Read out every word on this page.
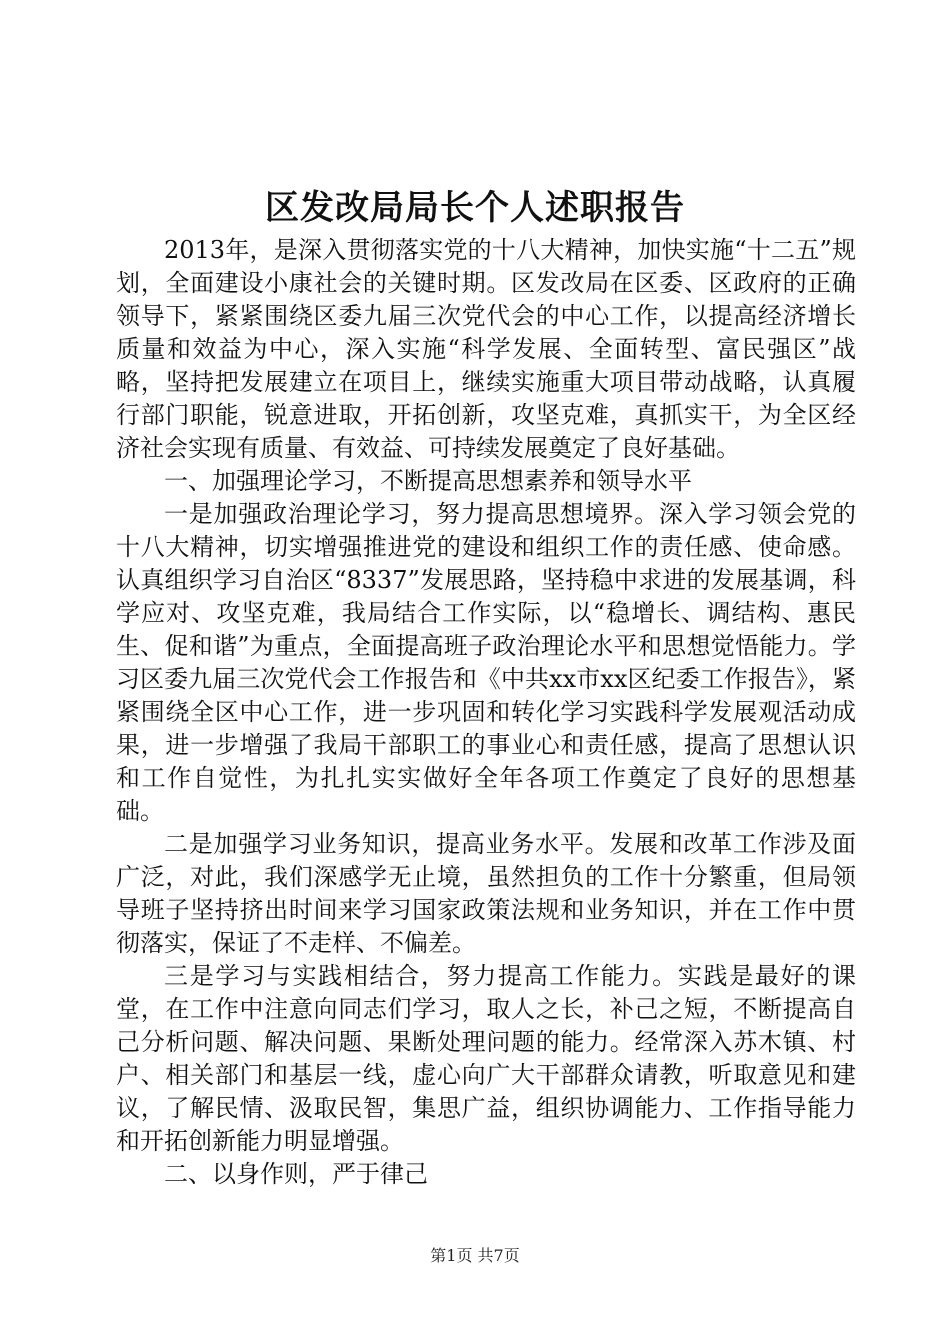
区发改局局长个人述职报告

2013年，是深入贯彻落实党的十八大精神，加快实施“十二五”规划，全面建设小康社会的关键时期。区发改局在区委、区政府的正确领导下，紧紧围绕区委九届三次党代会的中心工作，以提高经济增长质量和效益为中心，深入实施“科学发展、全面转型、富民强区”战略，坚持把发展建立在项目上，继续实施重大项目带动战略，认真履行部门职能，锐意进取，开拓创新，攻坚克难，真抓实干，为全区经济社会实现有质量、有效益、可持续发展奠定了良好基础。

一、加强理论学习，不断提高思想素养和领导水平

一是加强政治理论学习，努力提高思想境界。深入学习领会党的十八大精神，切实增强推进党的建设和组织工作的责任感、使命感。认真组织学习自治区“8337”发展思路，坚持稳中求进的发展基调，科学应对、攻坚克难，我局结合工作实际，以“稳增长、调结构、惠民生、促和谐”为重点，全面提高班子政治理论水平和思想觉悟能力。学习区委九届三次党代会工作报告和《中共xx市xx区纪委工作报告》，紧紧围绕全区中心工作，进一步巩固和转化学习实践科学发展观活动成果，进一步增强了我局干部职工的事业心和责任感，提高了思想认识和工作自觉性，为扎扎实实做好全年各项工作奠定了良好的思想基础。

二是加强学习业务知识，提高业务水平。发展和改革工作涉及面广泛，对此，我们深感学无止境，虽然担负的工作十分繁重，但局领导班子坚持挤出时间来学习国家政策法规和业务知识，并在工作中贯彻落实，保证了不走样、不偏差。

三是学习与实践相结合，努力提高工作能力。实践是最好的课堂，在工作中注意向同志们学习，取人之长，补己之短，不断提高自己分析问题、解决问题、果断处理问题的能力。经常深入苏木镇、村户、相关部门和基层一线，虚心向广大干部群众请教，听取意见和建议，了解民情、汲取民智，集思广益，组织协调能力、工作指导能力和开拓创新能力明显增强。

二、以身作则，严于律己

第1页 共7页
